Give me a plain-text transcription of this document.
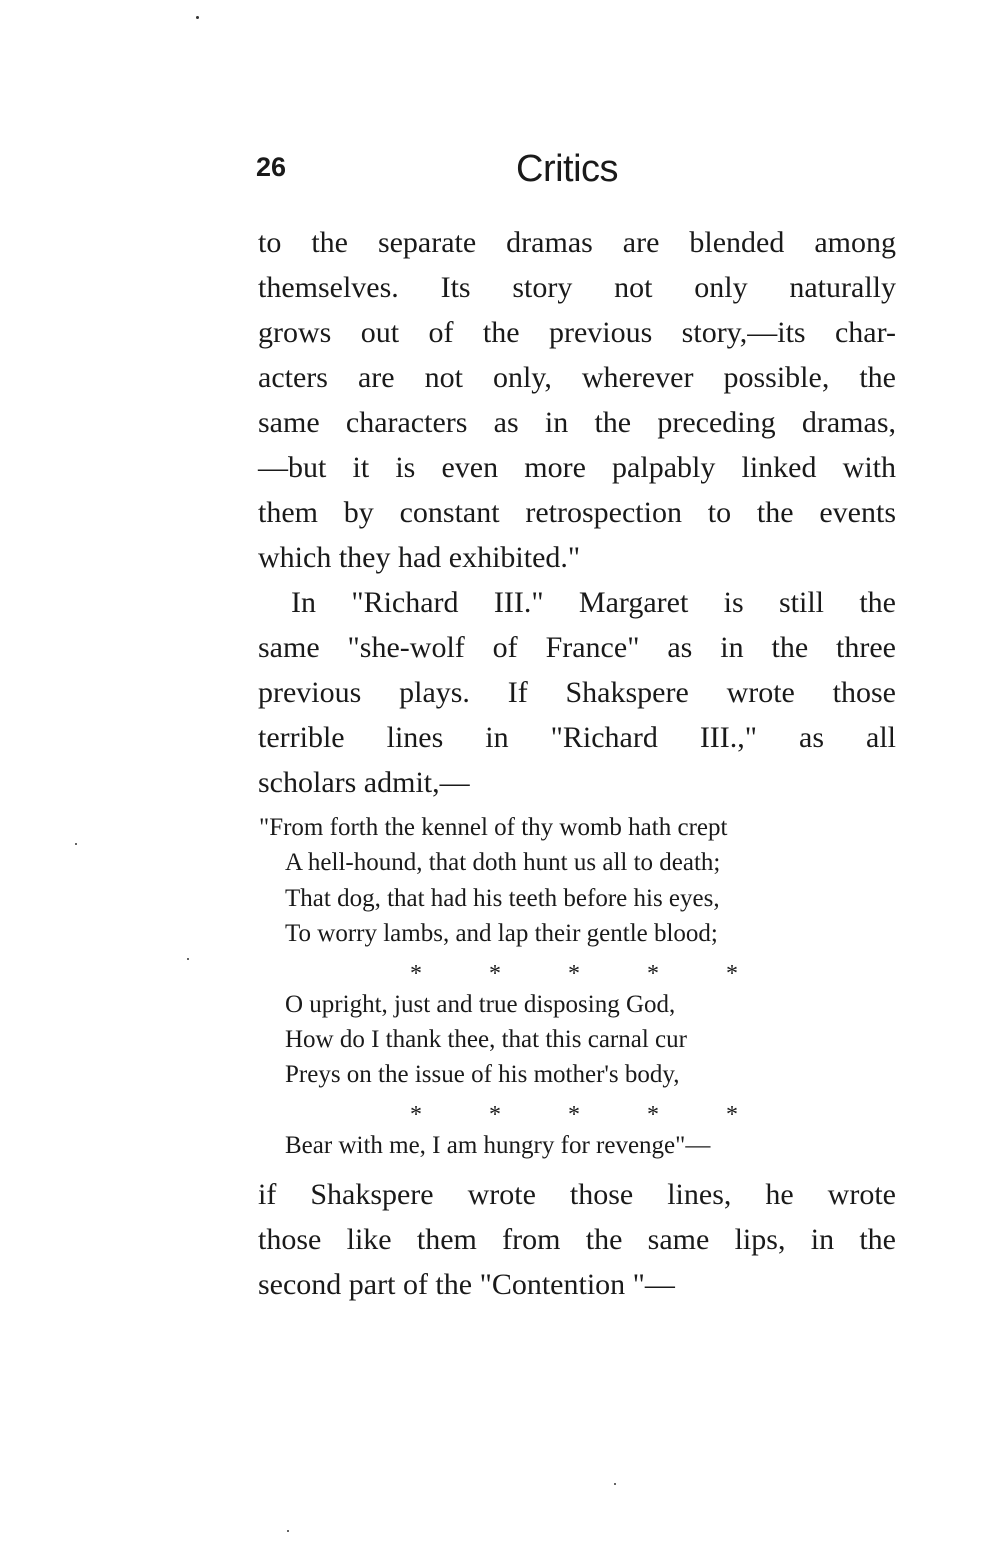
26	Critics
to the separate dramas are blended among
themselves. Its story not only naturally
grows out of the previous story,—its char-
acters are not only, wherever possible, the
same characters as in the preceding dramas,
—but it is even more palpably linked with
them by constant retrospection to the events
which they had exhibited."
In "Richard III." Margaret is still the
same "she-wolf of France" as in the three
previous plays. If Shakspere wrote those
terrible lines in "Richard III.," as all
scholars admit,—
"From forth the kennel of thy womb hath crept
A hell-hound, that doth hunt us all to death;
That dog, that had his teeth before his eyes,
To worry lambs, and lap their gentle blood;
*	*	*	*	*
O upright, just and true disposing God,
How do I thank thee, that this carnal cur
Preys on the issue of his mother's body,
*	*	*	*	*
Bear with me, I am hungry for revenge"—
if Shakspere wrote those lines, he wrote
those like them from the same lips, in the
second part of the "Contention "—
